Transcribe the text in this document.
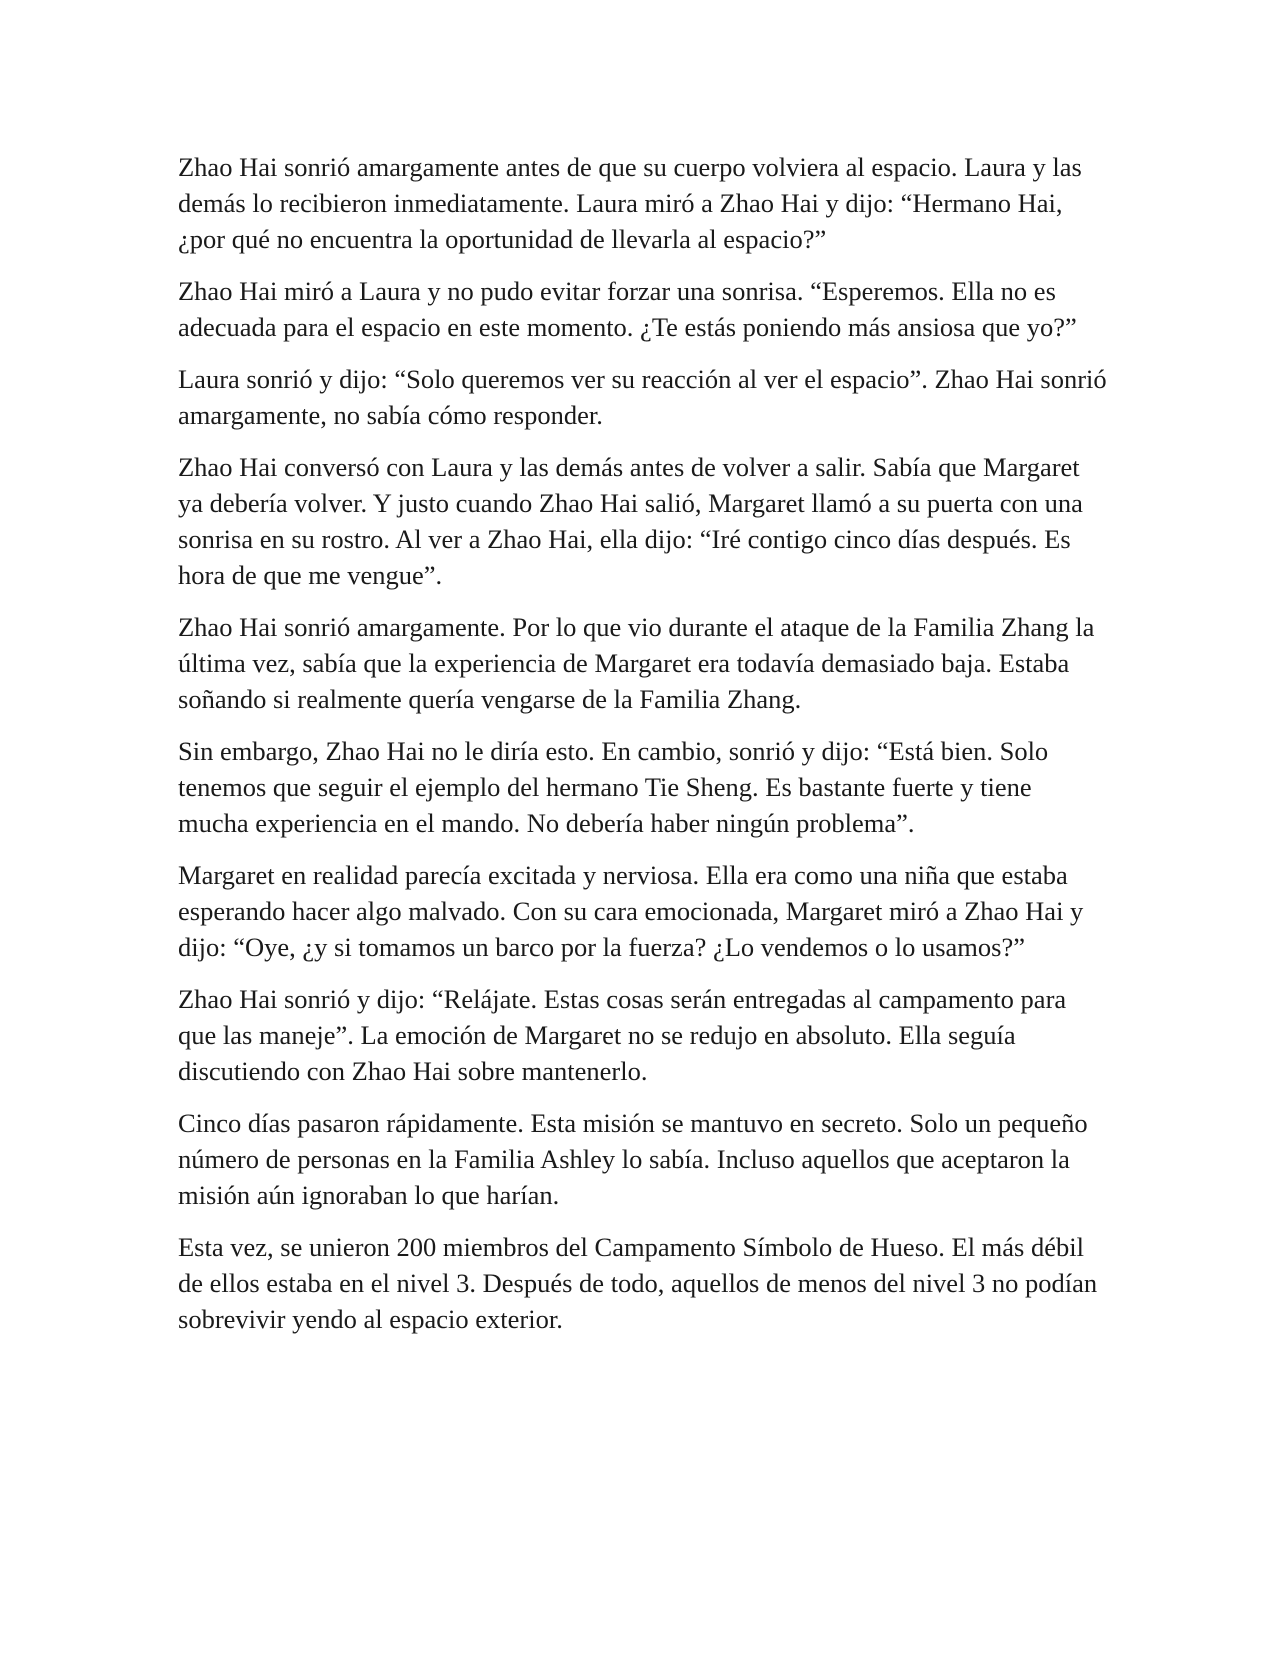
Zhao Hai sonrió amargamente antes de que su cuerpo volviera al espacio. Laura y las demás lo recibieron inmediatamente. Laura miró a Zhao Hai y dijo: “Hermano Hai, ¿por qué no encuentra la oportunidad de llevarla al espacio?”

Zhao Hai miró a Laura y no pudo evitar forzar una sonrisa. “Esperemos. Ella no es adecuada para el espacio en este momento. ¿Te estás poniendo más ansiosa que yo?”

Laura sonrió y dijo: “Solo queremos ver su reacción al ver el espacio”. Zhao Hai sonrió amargamente, no sabía cómo responder.

Zhao Hai conversó con Laura y las demás antes de volver a salir. Sabía que Margaret ya debería volver. Y justo cuando Zhao Hai salió, Margaret llamó a su puerta con una sonrisa en su rostro. Al ver a Zhao Hai, ella dijo: “Iré contigo cinco días después. Es hora de que me vengue”.

Zhao Hai sonrió amargamente. Por lo que vio durante el ataque de la Familia Zhang la última vez, sabía que la experiencia de Margaret era todavía demasiado baja. Estaba soñando si realmente quería vengarse de la Familia Zhang.

Sin embargo, Zhao Hai no le diría esto. En cambio, sonrió y dijo: “Está bien. Solo tenemos que seguir el ejemplo del hermano Tie Sheng. Es bastante fuerte y tiene mucha experiencia en el mando. No debería haber ningún problema”.

Margaret en realidad parecía excitada y nerviosa. Ella era como una niña que estaba esperando hacer algo malvado. Con su cara emocionada, Margaret miró a Zhao Hai y dijo: “Oye, ¿y si tomamos un barco por la fuerza? ¿Lo vendemos o lo usamos?”

Zhao Hai sonrió y dijo: “Relájate. Estas cosas serán entregadas al campamento para que las maneje”. La emoción de Margaret no se redujo en absoluto. Ella seguía discutiendo con Zhao Hai sobre mantenerlo.

Cinco días pasaron rápidamente. Esta misión se mantuvo en secreto. Solo un pequeño número de personas en la Familia Ashley lo sabía. Incluso aquellos que aceptaron la misión aún ignoraban lo que harían.

Esta vez, se unieron 200 miembros del Campamento Símbolo de Hueso. El más débil de ellos estaba en el nivel 3. Después de todo, aquellos de menos del nivel 3 no podían sobrevivir yendo al espacio exterior.
